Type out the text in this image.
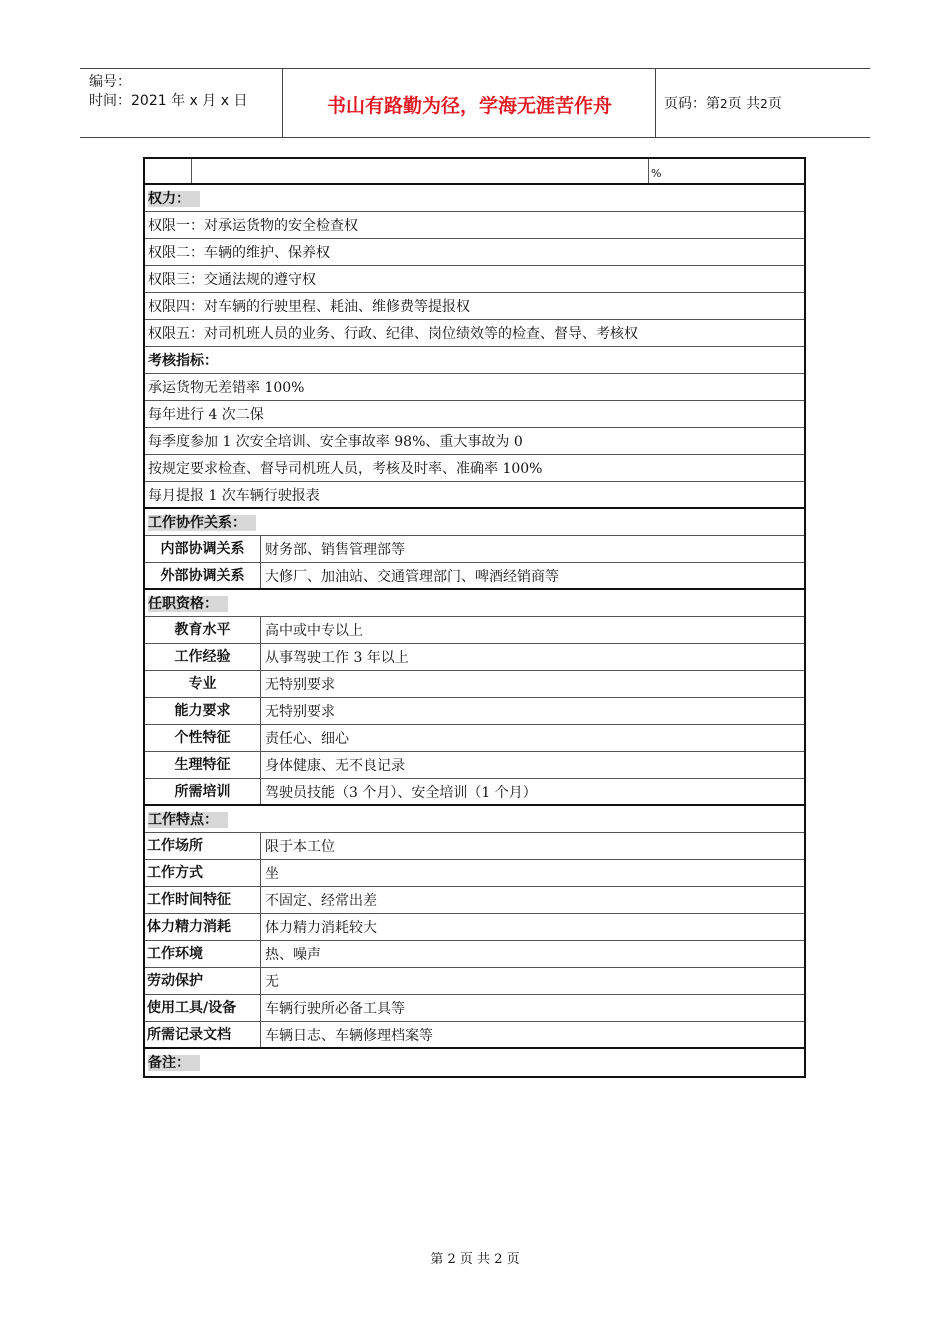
编号：
时间：2021 年 x 月 x 日	书山有路勤为径，学海无涯苦作舟	页码：第2页 共2页
%
权力：
权限一：对承运货物的安全检查权
权限二：车辆的维护、保养权
权限三：交通法规的遵守权
权限四：对车辆的行驶里程、耗油、维修费等提报权
权限五：对司机班人员的业务、行政、纪律、岗位绩效等的检查、督导、考核权
考核指标：
承运货物无差错率 100%
每年进行 4 次二保
每季度参加 1 次安全培训、安全事故率 98%、重大事故为 0
按规定要求检查、督导司机班人员，考核及时率、准确率 100%
每月提报 1 次车辆行驶报表
工作协作关系：
内部协调关系	财务部、销售管理部等
外部协调关系	大修厂、加油站、交通管理部门、啤酒经销商等
任职资格：
教育水平	高中或中专以上
工作经验	从事驾驶工作 3 年以上
专业	无特别要求
能力要求	无特别要求
个性特征	责任心、细心
生理特征	身体健康、无不良记录
所需培训	驾驶员技能（3 个月）、安全培训（1 个月）
工作特点：
工作场所	限于本工位
工作方式	坐
工作时间特征	不固定、经常出差
体力精力消耗	体力精力消耗较大
工作环境	热、噪声
劳动保护	无
使用工具/设备	车辆行驶所必备工具等
所需记录文档	车辆日志、车辆修理档案等
备注：
第 2 页 共 2 页
